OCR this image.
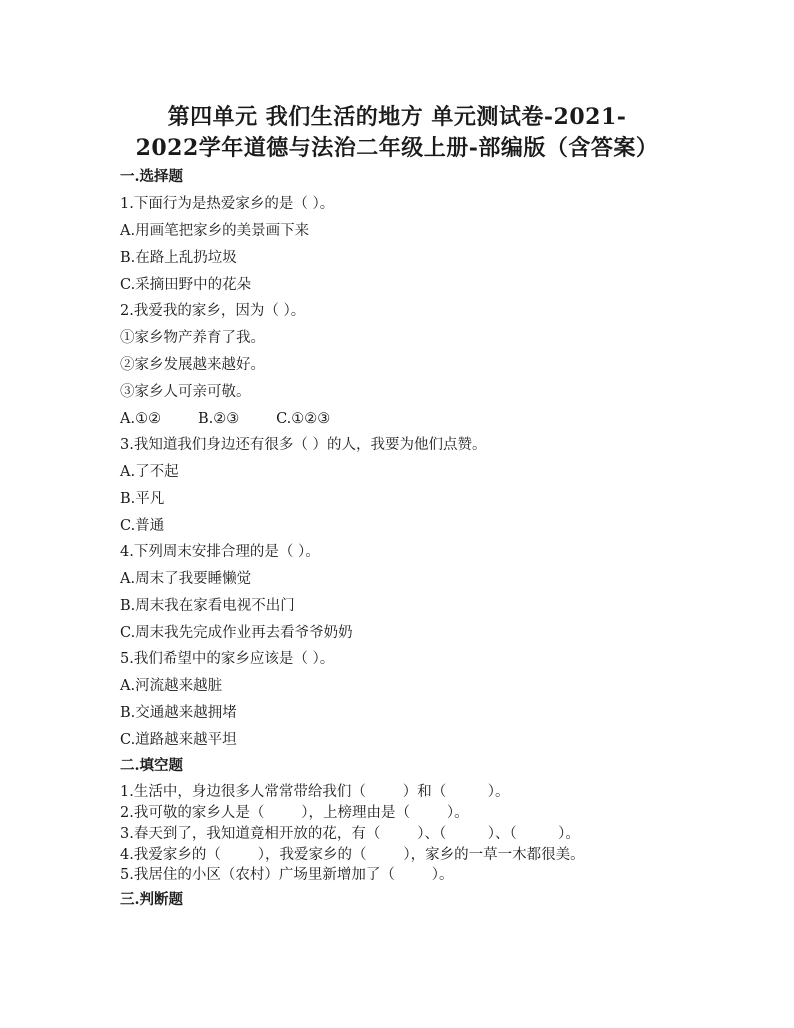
第四单元 我们生活的地方 单元测试卷-2021-
2022学年道德与法治二年级上册-部编版（含答案）
一.选择题
1.下面行为是热爱家乡的是（ ）。
A.用画笔把家乡的美景画下来
B.在路上乱扔垃圾
C.采摘田野中的花朵
2.我爱我的家乡，因为（ ）。
①家乡物产养育了我。
②家乡发展越来越好。
③家乡人可亲可敬。
A.①②        B.②③        C.①②③
3.我知道我们身边还有很多（ ）的人，我要为他们点赞。
A.了不起
B.平凡
C.普通
4.下列周末安排合理的是（ ）。
A.周末了我要睡懒觉
B.周末我在家看电视不出门
C.周末我先完成作业再去看爷爷奶奶
5.我们希望中的家乡应该是（ ）。
A.河流越来越脏
B.交通越来越拥堵
C.道路越来越平坦
二.填空题
1.生活中，身边很多人常常带给我们（        ）和（         ）。
2.我可敬的家乡人是（        ），上榜理由是（        ）。
3.春天到了，我知道竟相开放的花，有（        ）、（         ）、（         ）。
4.我爱家乡的（        ），我爱家乡的（        ），家乡的一草一木都很美。
5.我居住的小区（农村）广场里新增加了（        ）。
三.判断题
